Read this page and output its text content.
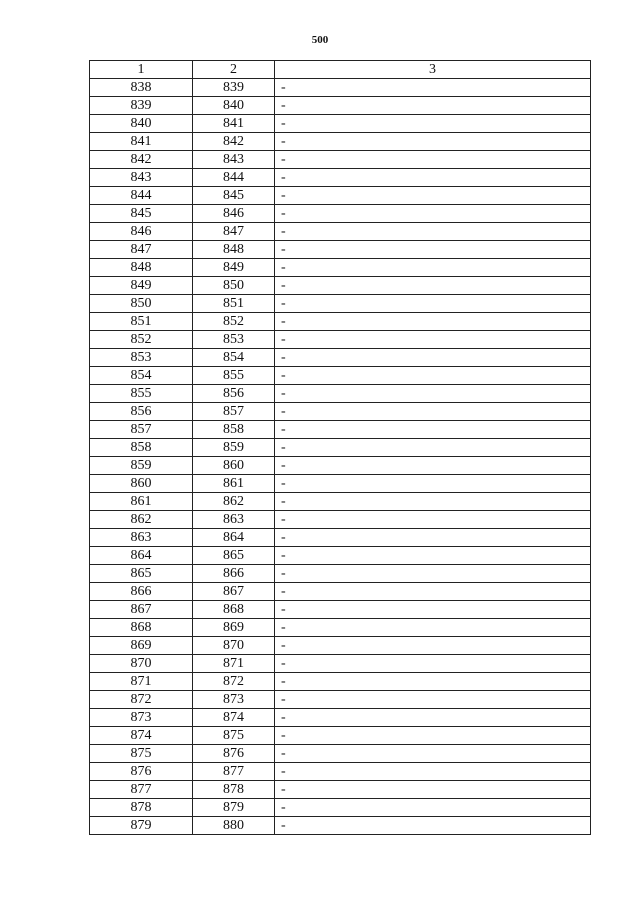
500
1	2	3
838	839	-
839	840	-
840	841	-
841	842	-
842	843	-
843	844	-
844	845	-
845	846	-
846	847	-
847	848	-
848	849	-
849	850	-
850	851	-
851	852	-
852	853	-
853	854	-
854	855	-
855	856	-
856	857	-
857	858	-
858	859	-
859	860	-
860	861	-
861	862	-
862	863	-
863	864	-
864	865	-
865	866	-
866	867	-
867	868	-
868	869	-
869	870	-
870	871	-
871	872	-
872	873	-
873	874	-
874	875	-
875	876	-
876	877	-
877	878	-
878	879	-
879	880	-
